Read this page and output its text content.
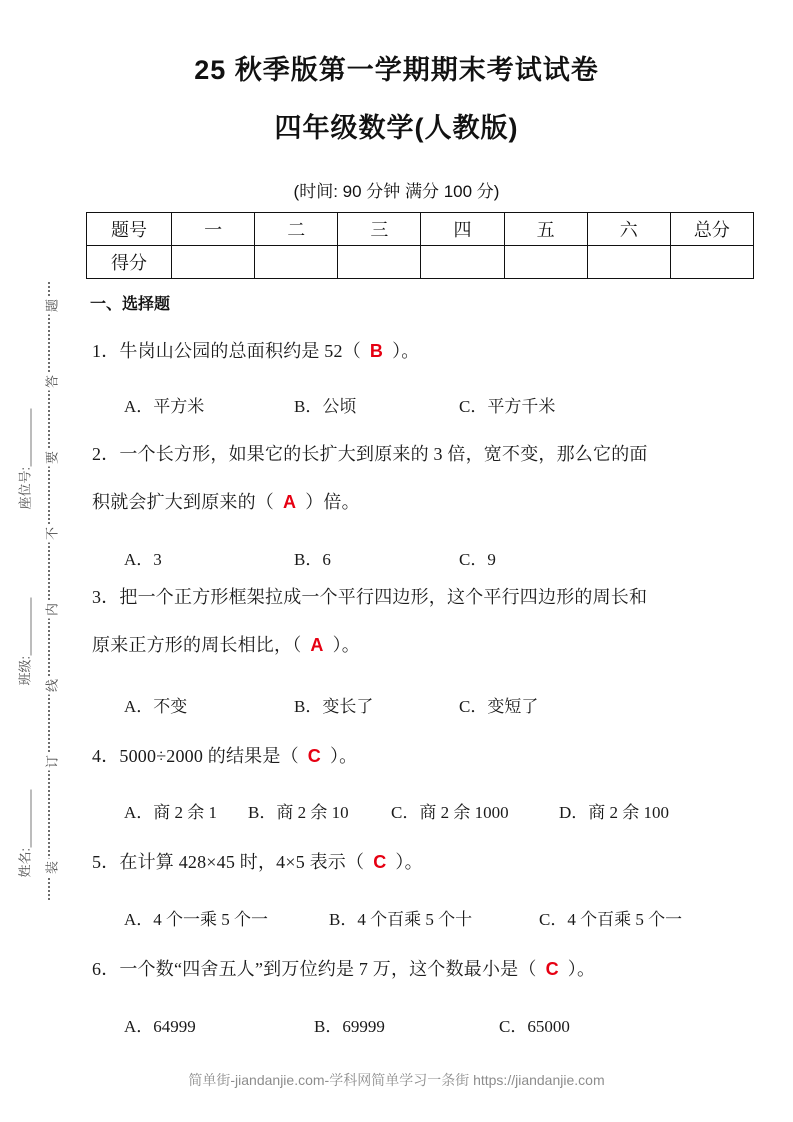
25 秋季版第一学期期末考试试卷
四年级数学(人教版)
(时间: 90 分钟 满分 100 分)
题号	一	二	三	四	五	六	总分
得分							
题
答
要
不
内
线
订
装
座位号:
班级:
姓名:
一、选择题
1．牛岗山公园的总面积约是 52（ B ）。
A．平方米	B．公顷	C．平方千米
2．一个长方形，如果它的长扩大到原来的 3 倍，宽不变，那么它的面
积就会扩大到原来的（ A ）倍。
A．3	B．6	C．9
3．把一个正方形框架拉成一个平行四边形，这个平行四边形的周长和
原来正方形的周长相比，（ A ）。
A．不变	B．变长了	C．变短了
4．5000÷2000 的结果是（ C ）。
A．商 2 余 1 B．商 2 余 10 C．商 2 余 1000	D．商 2 余 100
5．在计算 428×45 时，4×5 表示（ C ）。
A．4 个一乘 5 个一	B．4 个百乘 5 个十	C．4 个百乘 5 个一
6．一个数“四舍五人”到万位约是 7 万，这个数最小是（ C ）。
A．64999	B．69999	C．65000
简单街-jiandanjie.com-学科网简单学习一条街 https://jiandanjie.com
